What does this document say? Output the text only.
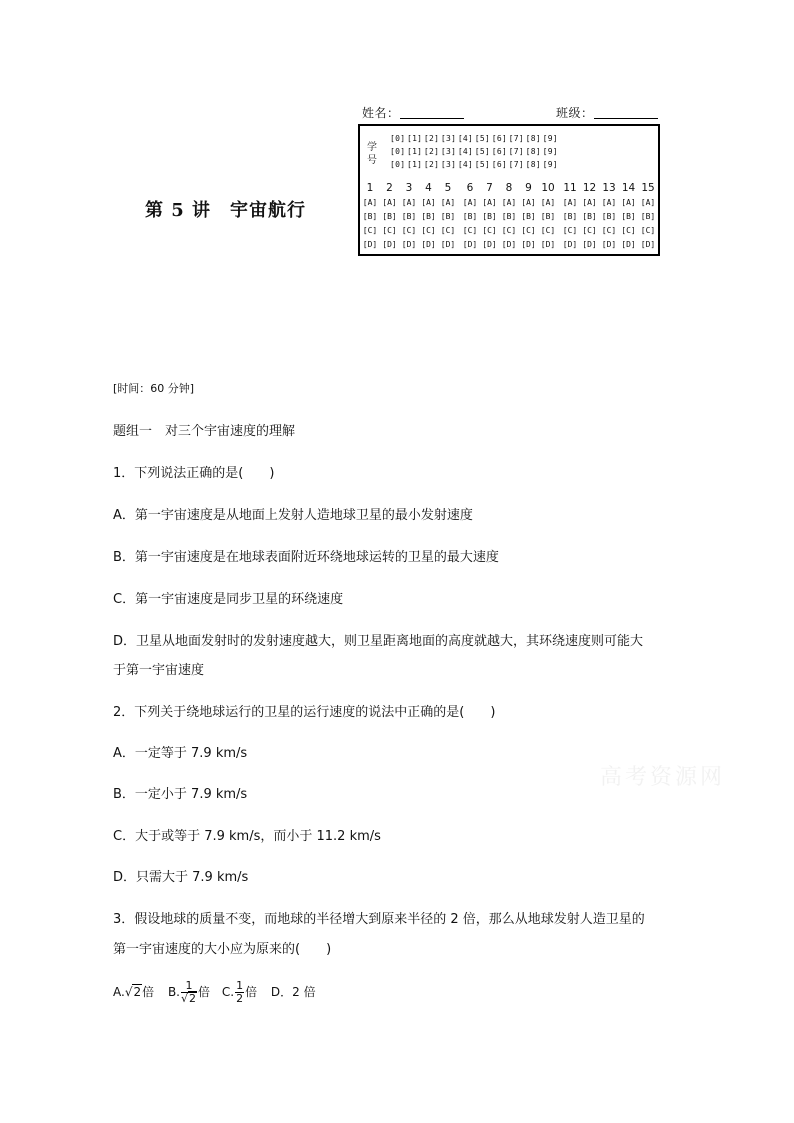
姓名：	班级：
学
号
[0] [1] [2] [3] [4] [5] [6] [7] [8] [9]
[0] [1] [2] [3] [4] [5] [6] [7] [8] [9]
[0] [1] [2] [3] [4] [5] [6] [7] [8] [9]
1
[A]
[B]
[C]
[D]
2
[A]
[B]
[C]
[D]
3
[A]
[B]
[C]
[D]
4
[A]
[B]
[C]
[D]
5
[A]
[B]
[C]
[D]
6
[A]
[B]
[C]
[D]
7
[A]
[B]
[C]
[D]
8
[A]
[B]
[C]
[D]
9
[A]
[B]
[C]
[D]
10
[A]
[B]
[C]
[D]
11
[A]
[B]
[C]
[D]
12
[A]
[B]
[C]
[D]
13
[A]
[B]
[C]
[D]
14
[A]
[B]
[C]
[D]
15
[A]
[B]
[C]
[D]
第 5 讲　宇宙航行
[时间：60 分钟]
题组一　对三个宇宙速度的理解
1．下列说法正确的是(　　)
A．第一宇宙速度是从地面上发射人造地球卫星的最小发射速度
B．第一宇宙速度是在地球表面附近环绕地球运转的卫星的最大速度
C．第一宇宙速度是同步卫星的环绕速度
D．卫星从地面发射时的发射速度越大，则卫星距离地面的高度就越大，其环绕速度则可能大
于第一宇宙速度
2．下列关于绕地球运行的卫星的运行速度的说法中正确的是(　　)
A．一定等于 7.9 km/s
B．一定小于 7.9 km/s
C．大于或等于 7.9 km/s，而小于 11.2 km/s
D．只需大于 7.9 km/s
3．假设地球的质量不变，而地球的半径增大到原来半径的 2 倍，那么从地球发射人造卫星的
第一宇宙速度的大小应为原来的(　　)
A.√2倍 B. $\frac{1}{√2}$ 倍 C. $\frac{1}{2}$ 倍 D．2 倍
高考资源网
